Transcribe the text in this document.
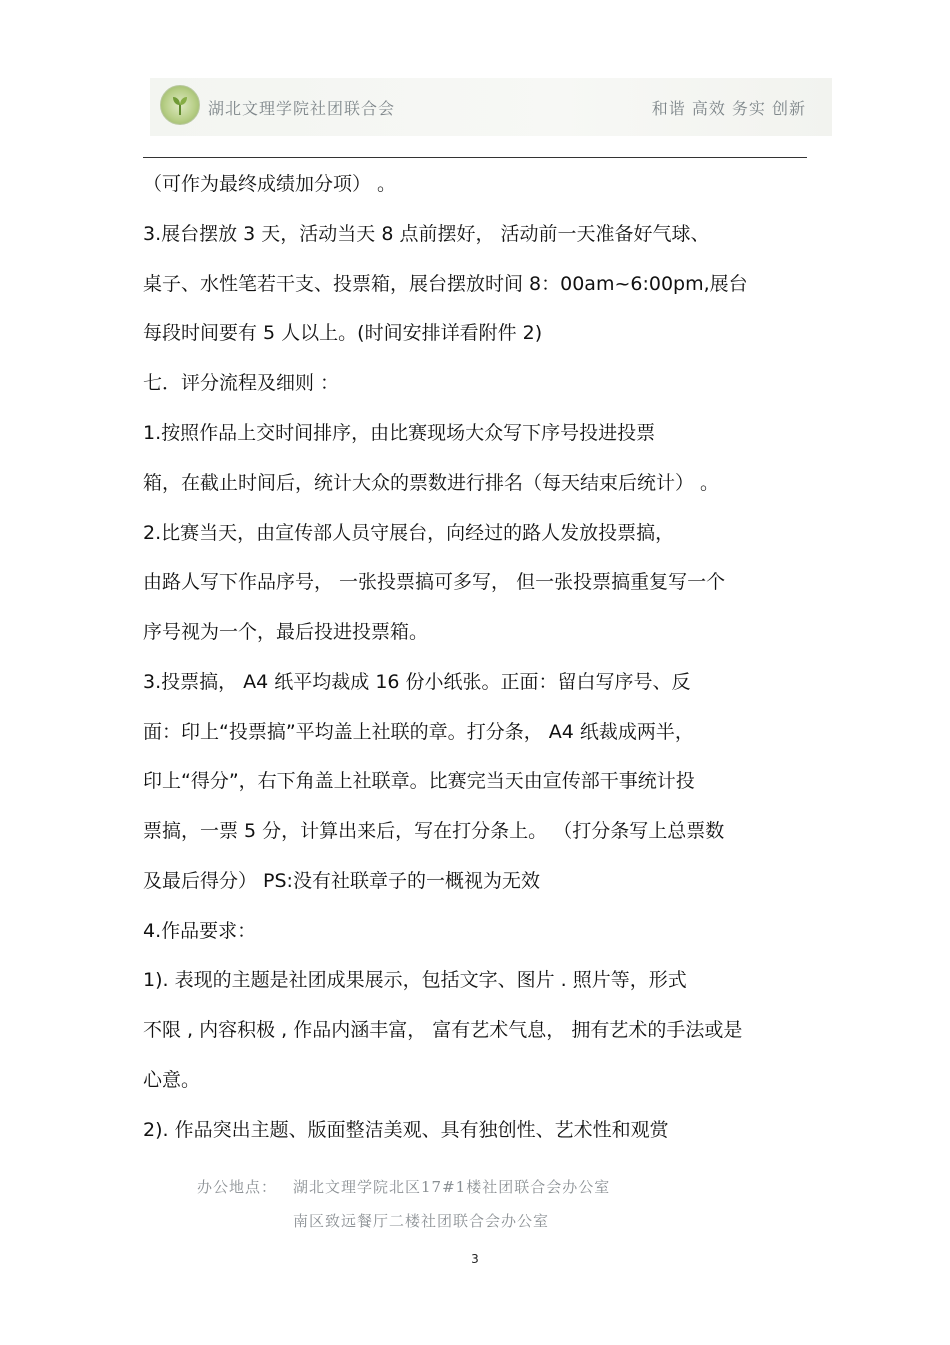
湖北文理学院社团联合会	和谐 高效 务实 创新
（可作为最终成绩加分项） 。
3.展台摆放 3 天，活动当天 8 点前摆好， 活动前一天准备好气球、
桌子、水性笔若干支、投票箱，展台摆放时间 8：00am~6:00pm,展台
每段时间要有 5 人以上。(时间安排详看附件 2)
七．评分流程及细则 ：
1.按照作品上交时间排序，由比赛现场大众写下序号投进投票
箱，在截止时间后，统计大众的票数进行排名（每天结束后统计） 。
2.比赛当天，由宣传部人员守展台，向经过的路人发放投票搞，
由路人写下作品序号， 一张投票搞可多写， 但一张投票搞重复写一个
序号视为一个，最后投进投票箱。
3.投票搞， A4 纸平均裁成 16 份小纸张。正面：留白写序号、反
面：印上“投票搞”平均盖上社联的章。打分条， A4 纸裁成两半，
印上“得分”，右下角盖上社联章。比赛完当天由宣传部干事统计投
票搞，一票 5 分，计算出来后，写在打分条上。 （打分条写上总票数
及最后得分） PS:没有社联章子的一概视为无效
4.作品要求：
1). 表现的主题是社团成果展示，包括文字、图片 . 照片等，形式
不限 , 内容积极 , 作品内涵丰富， 富有艺术气息， 拥有艺术的手法或是
心意。
2). 作品突出主题、版面整洁美观、具有独创性、艺术性和观赏
办公地点： 湖北文理学院北区17#1楼社团联合会办公室
南区致远餐厅二楼社团联合会办公室
3
